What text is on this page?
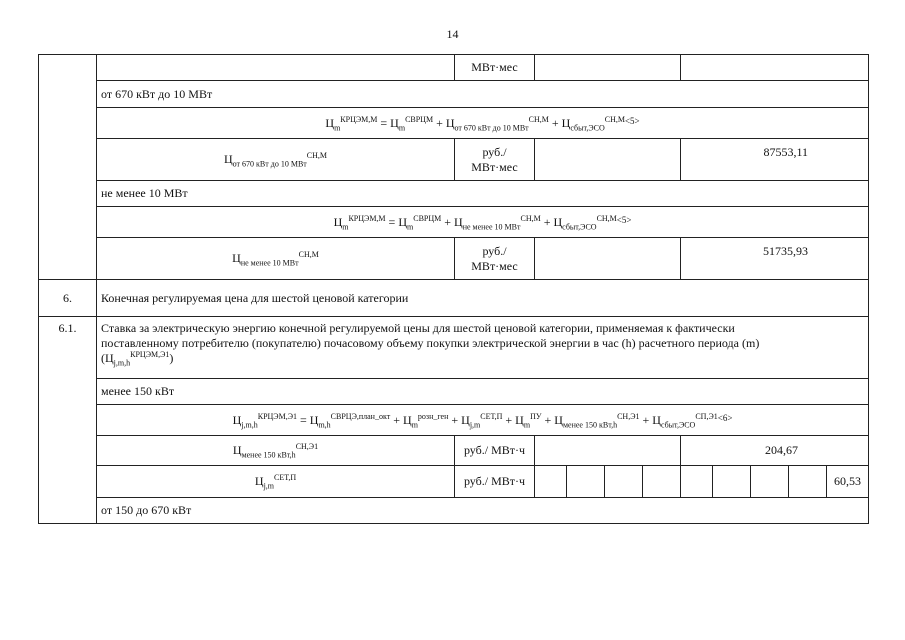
14
		МВт·мес									
	от 670 кВт до 10 МВт										
	$Ц_m^{КРЦЭМ,М} = Ц_m^{СВРЦМ} + Ц_{от 670 кВт до 10 МВт}^{СН,М} + Ц_{сбыт,ЭСО}^{СН,М<5>}$
	$Ц_{от 670 кВт до 10 МВт}^{СН,М}$	руб./
МВт·мес					87553,11				
	не менее 10 МВт										
	$Ц_m^{КРЦЭМ,М} = Ц_m^{СВРЦМ} + Ц_{не менее 10 МВт}^{СН,М} + Ц_{сбыт,ЭСО}^{СН,М<5>}$
	$Ц_{не менее 10 МВт}^{СН,М}$	руб./
МВт·мес					51735,93				
6.	Конечная регулируемая цена для шестой ценовой категории										
6.1.	Ставка за электрическую энергию конечной регулируемой цены для шестой ценовой категории, применяемая к фактически
поставленному потребителю (покупателю) почасовому объему покупки электрической энергии в час (h) расчетного периода (m)
$(Ц_{j,m,h}^{КРЦЭМ,Э1})$										

	менее 150 кВт										
	$Ц_{j,m,h}^{КРЦЭМ,Э1} = Ц_{m,h}^{СВРЦЭ,план\_окт} + Ц_m^{розн\_ген} + Ц_{j,m}^{СЕТ,П} + Ц_m^{ПУ} + Ц_{менее 150 кВт,h}^{СН,Э1} + Ц_{сбыт,ЭСО}^{СП,Э1<6>}$
	$Ц_{менее 150 кВт,h}^{СН,Э1}$	руб./ МВт·ч					204,67				
	$Ц_{j,m}^{СЕТ,П}$	руб./ МВт·ч									60,53
	от 150 до 670 кВт										
